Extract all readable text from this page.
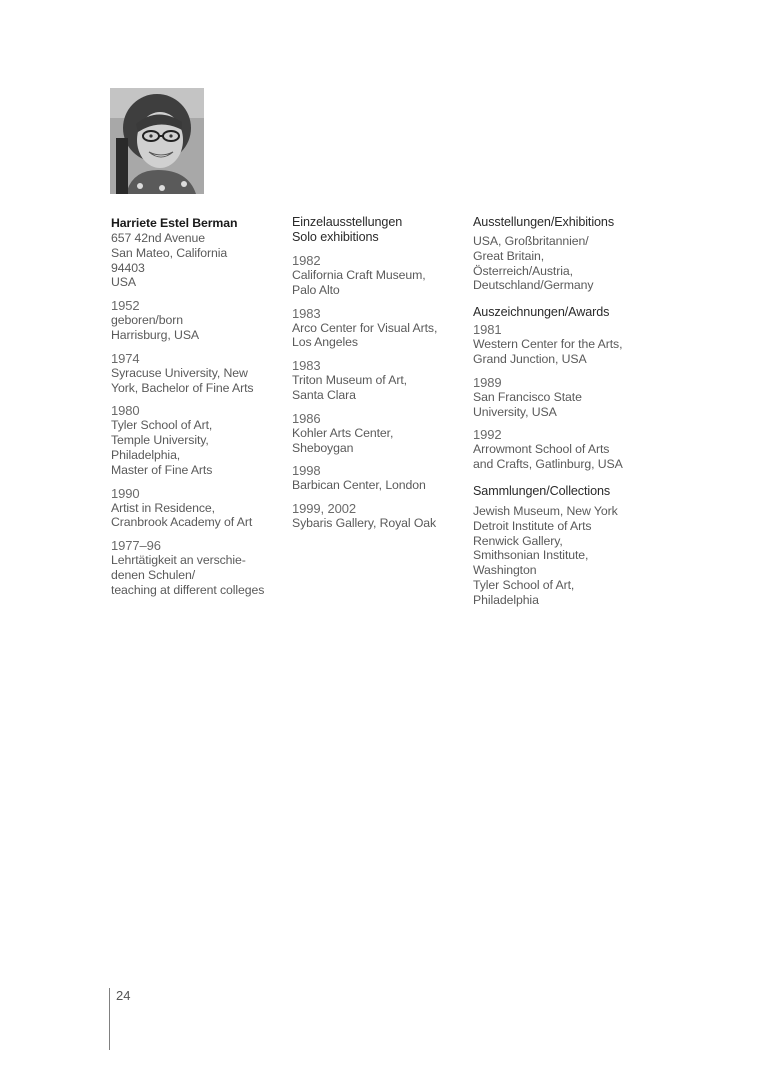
Harriete Estel Berman
657 42nd Avenue
San Mateo, California
94403
USA
1952
geboren/born
Harrisburg, USA
1974
Syracuse University, New
York, Bachelor of Fine Arts
1980
Tyler School of Art,
Temple University,
Philadelphia,
Master of Fine Arts
1990
Artist in Residence,
Cranbrook Academy of Art
1977–96
Lehrtätigkeit an verschie-
denen Schulen/
teaching at different colleges
Einzelausstellungen
Solo exhibitions
1982
California Craft Museum,
Palo Alto
1983
Arco Center for Visual Arts,
Los Angeles
1983
Triton Museum of Art,
Santa Clara
1986
Kohler Arts Center,
Sheboygan
1998
Barbican Center, London
1999, 2002
Sybaris Gallery, Royal Oak
Ausstellungen/Exhibitions
USA, Großbritannien/
Great Britain,
Österreich/Austria,
Deutschland/Germany
Auszeichnungen/Awards
1981
Western Center for the Arts,
Grand Junction, USA
1989
San Francisco State
University, USA
1992
Arrowmont School of Arts
and Crafts, Gatlinburg, USA
Sammlungen/Collections
Jewish Museum, New York
Detroit Institute of Arts
Renwick Gallery,
Smithsonian Institute,
Washington
Tyler School of Art,
Philadelphia
24
